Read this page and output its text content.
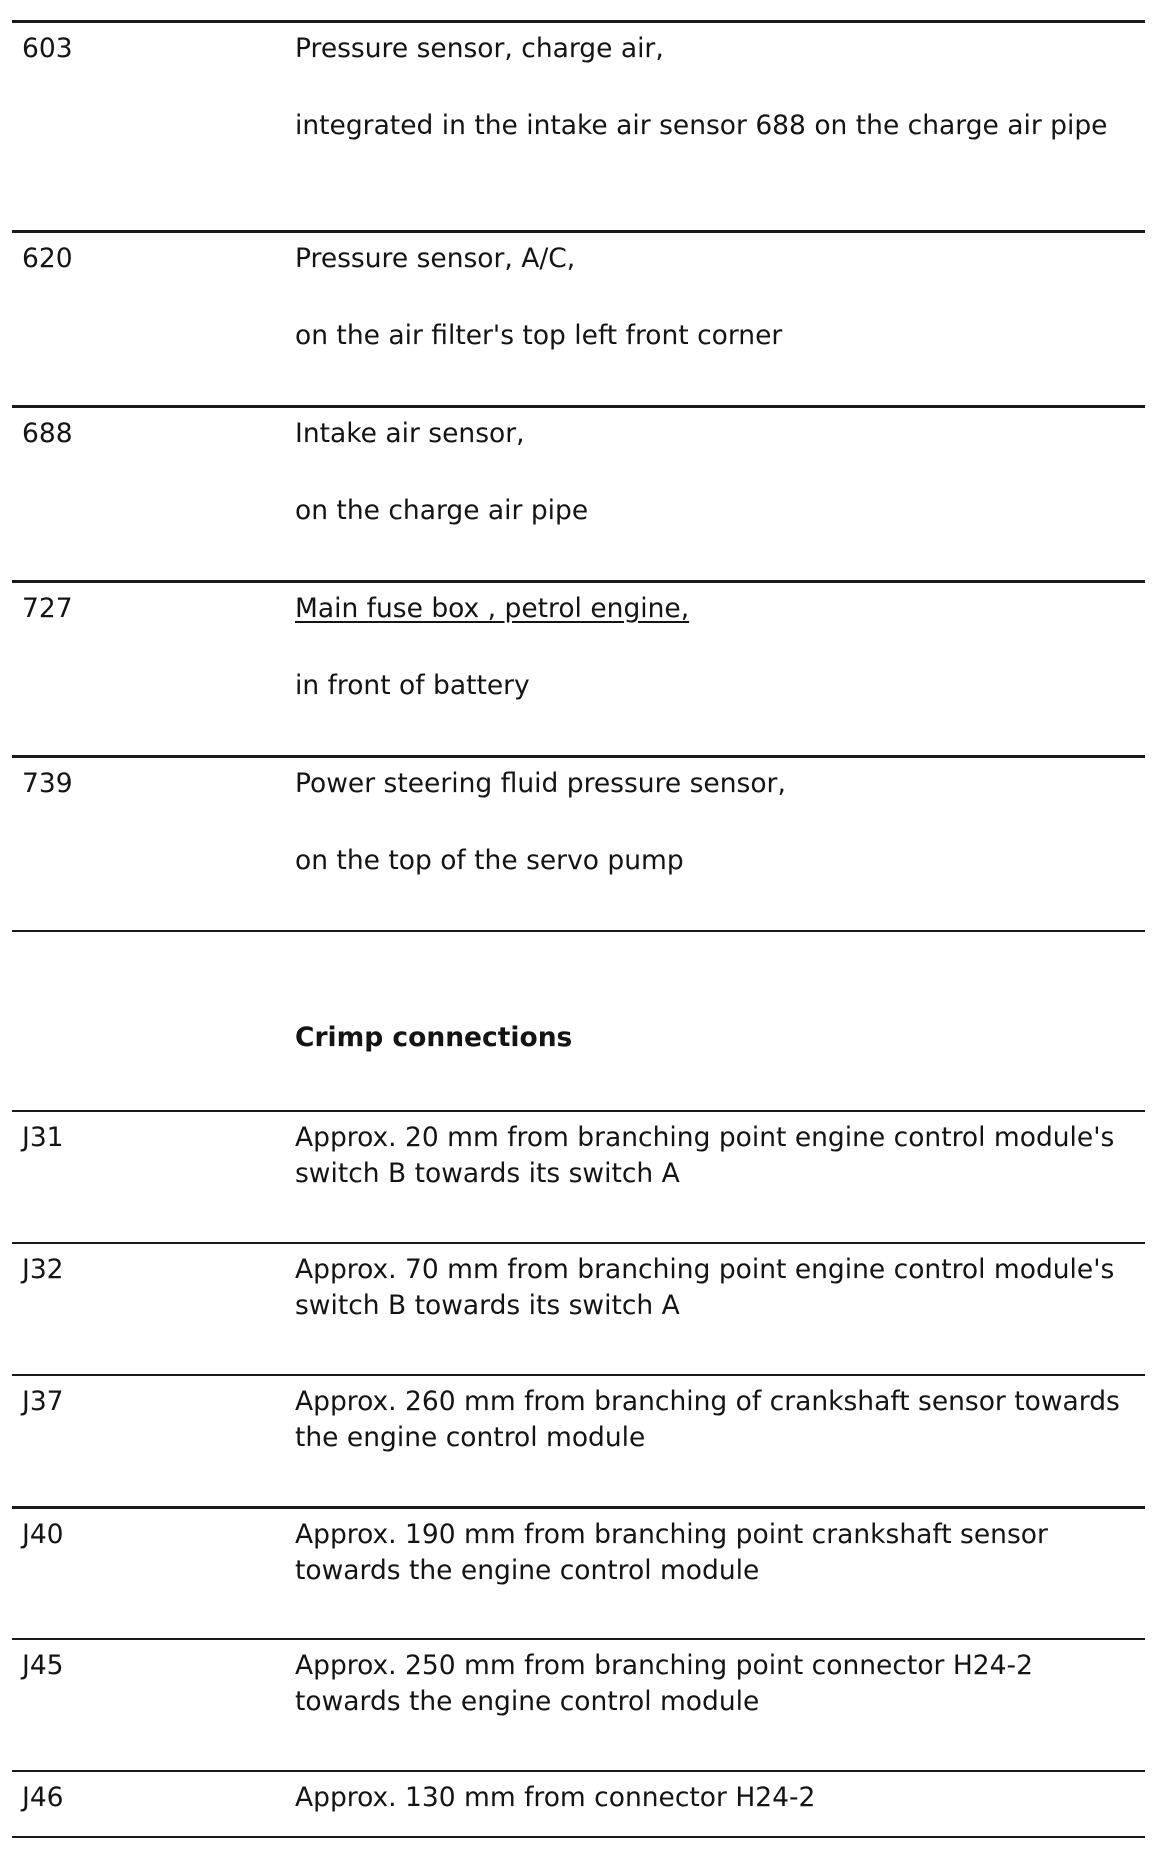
603	Pressure sensor, charge air,

integrated in the intake air sensor 688 on the charge air pipe

620	Pressure sensor, A/C,

on the air filter's top left front corner

688	Intake air sensor,

on the charge air pipe

727	Main fuse box , petrol engine,

in front of battery

739	Power steering fluid pressure sensor,

on the top of the servo pump

Crimp connections
J31	Approx. 20 mm from branching point engine control module's switch B towards its switch A
J32	Approx. 70 mm from branching point engine control module's switch B towards its switch A
J37	Approx. 260 mm from branching of crankshaft sensor towards the engine control module
J40	Approx. 190 mm from branching point crankshaft sensor towards the engine control module
J45	Approx. 250 mm from branching point connector H24-2 towards the engine control module
J46	Approx. 130 mm from connector H24-2
